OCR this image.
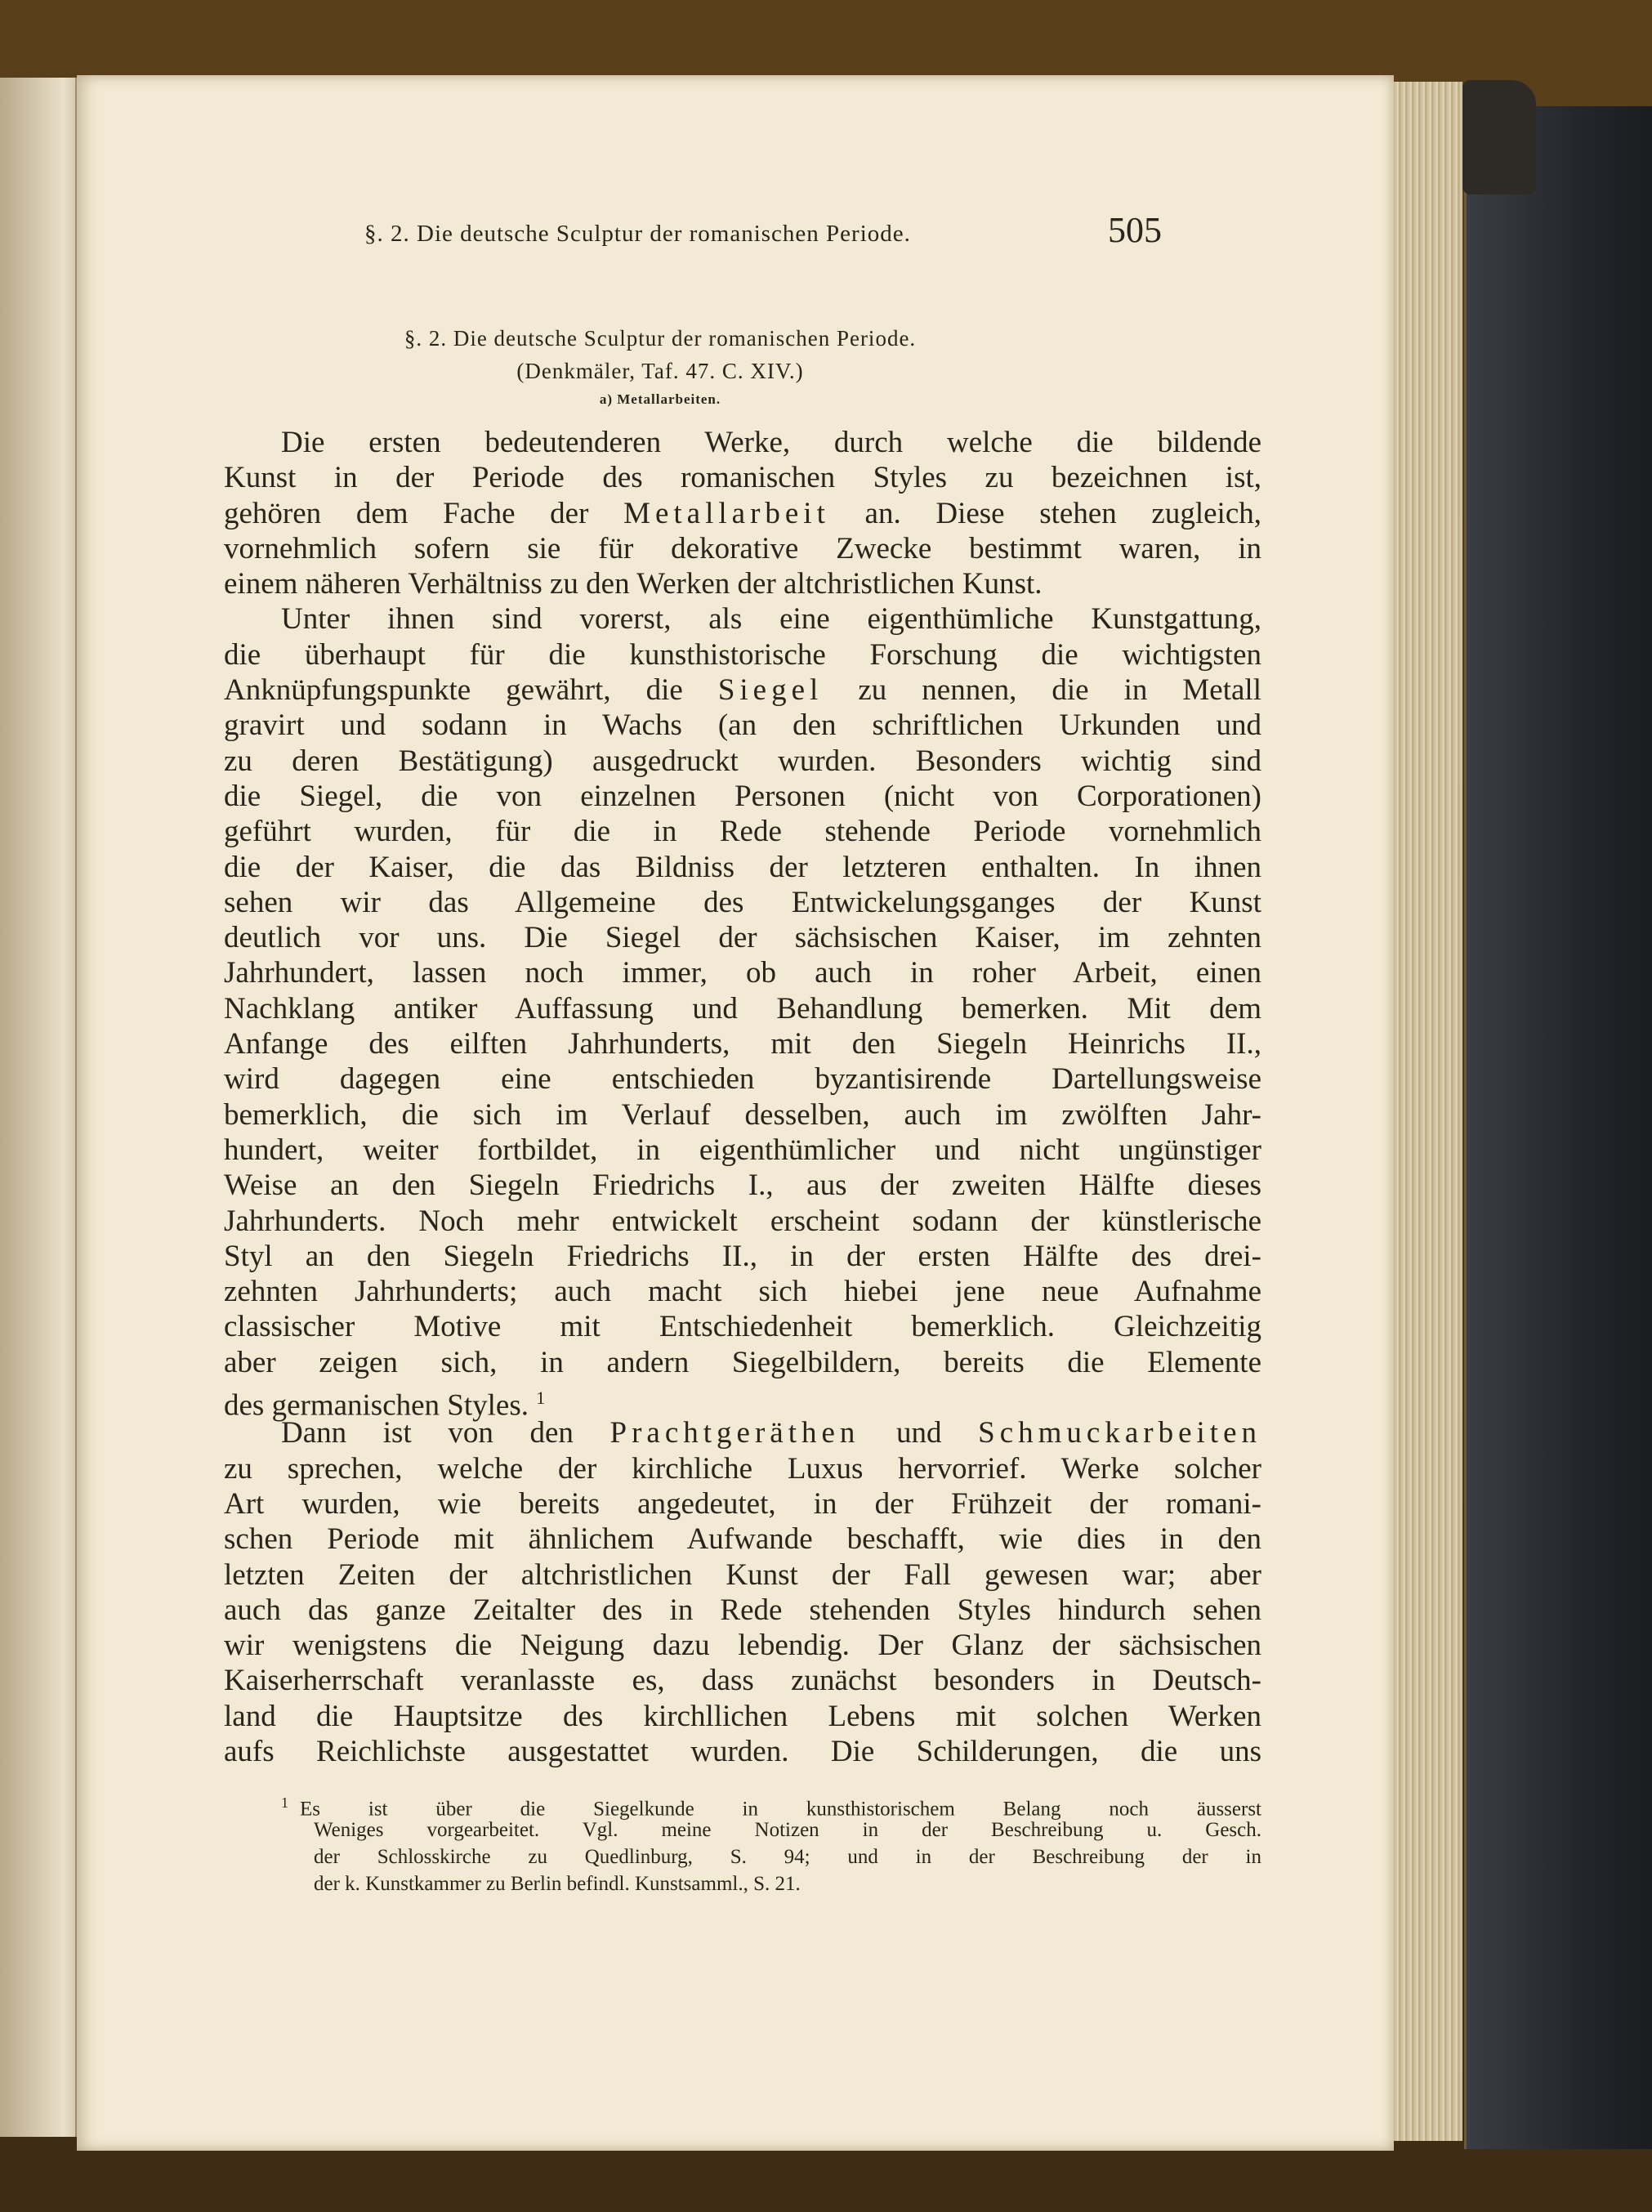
§. 2. Die deutsche Sculptur der romanischen Periode.	505
§. 2. Die deutsche Sculptur der romanischen Periode.
(Denkmäler, Taf. 47. C. XIV.)
a) Metallarbeiten.
Die ersten bedeutenderen Werke, durch welche die bildende
Kunst in der Periode des romanischen Styles zu bezeichnen ist,
gehören dem Fache der Metallarbeit an. Diese stehen zugleich,
vornehmlich sofern sie für dekorative Zwecke bestimmt waren, in
einem näheren Verhältniss zu den Werken der altchristlichen Kunst.
Unter ihnen sind vorerst, als eine eigenthümliche Kunstgattung,
die überhaupt für die kunsthistorische Forschung die wichtigsten
Anknüpfungspunkte gewährt, die Siegel zu nennen, die in Metall
gravirt und sodann in Wachs (an den schriftlichen Urkunden und
zu deren Bestätigung) ausgedruckt wurden. Besonders wichtig sind
die Siegel, die von einzelnen Personen (nicht von Corporationen)
geführt wurden, für die in Rede stehende Periode vornehmlich
die der Kaiser, die das Bildniss der letzteren enthalten. In ihnen
sehen wir das Allgemeine des Entwickelungsganges der Kunst
deutlich vor uns. Die Siegel der sächsischen Kaiser, im zehnten
Jahrhundert, lassen noch immer, ob auch in roher Arbeit, einen
Nachklang antiker Auffassung und Behandlung bemerken. Mit dem
Anfange des eilften Jahrhunderts, mit den Siegeln Heinrichs II.,
wird dagegen eine entschieden byzantisirende Dartellungsweise
bemerklich, die sich im Verlauf desselben, auch im zwölften Jahr-
hundert, weiter fortbildet, in eigenthümlicher und nicht ungünstiger
Weise an den Siegeln Friedrichs I., aus der zweiten Hälfte dieses
Jahrhunderts. Noch mehr entwickelt erscheint sodann der künstlerische
Styl an den Siegeln Friedrichs II., in der ersten Hälfte des drei-
zehnten Jahrhunderts; auch macht sich hiebei jene neue Aufnahme
classischer Motive mit Entschiedenheit bemerklich. Gleichzeitig
aber zeigen sich, in andern Siegelbildern, bereits die Elemente
des germanischen Styles. $^1$
Dann ist von den Prachtgeräthen und Schmuckarbeiten
zu sprechen, welche der kirchliche Luxus hervorrief. Werke solcher
Art wurden, wie bereits angedeutet, in der Frühzeit der romani-
schen Periode mit ähnlichem Aufwande beschafft, wie dies in den
letzten Zeiten der altchristlichen Kunst der Fall gewesen war; aber
auch das ganze Zeitalter des in Rede stehenden Styles hindurch sehen
wir wenigstens die Neigung dazu lebendig. Der Glanz der sächsischen
Kaiserherrschaft veranlasste es, dass zunächst besonders in Deutsch-
land die Hauptsitze des kirchllichen Lebens mit solchen Werken
aufs Reichlichste ausgestattet wurden. Die Schilderungen, die uns
$^1$ Es ist über die Siegelkunde in kunsthistorischem Belang noch äusserst
Weniges vorgearbeitet. Vgl. meine Notizen in der Beschreibung u. Gesch.
der Schlosskirche zu Quedlinburg, S. 94; und in der Beschreibung der in
der k. Kunstkammer zu Berlin befindl. Kunstsamml., S. 21.
